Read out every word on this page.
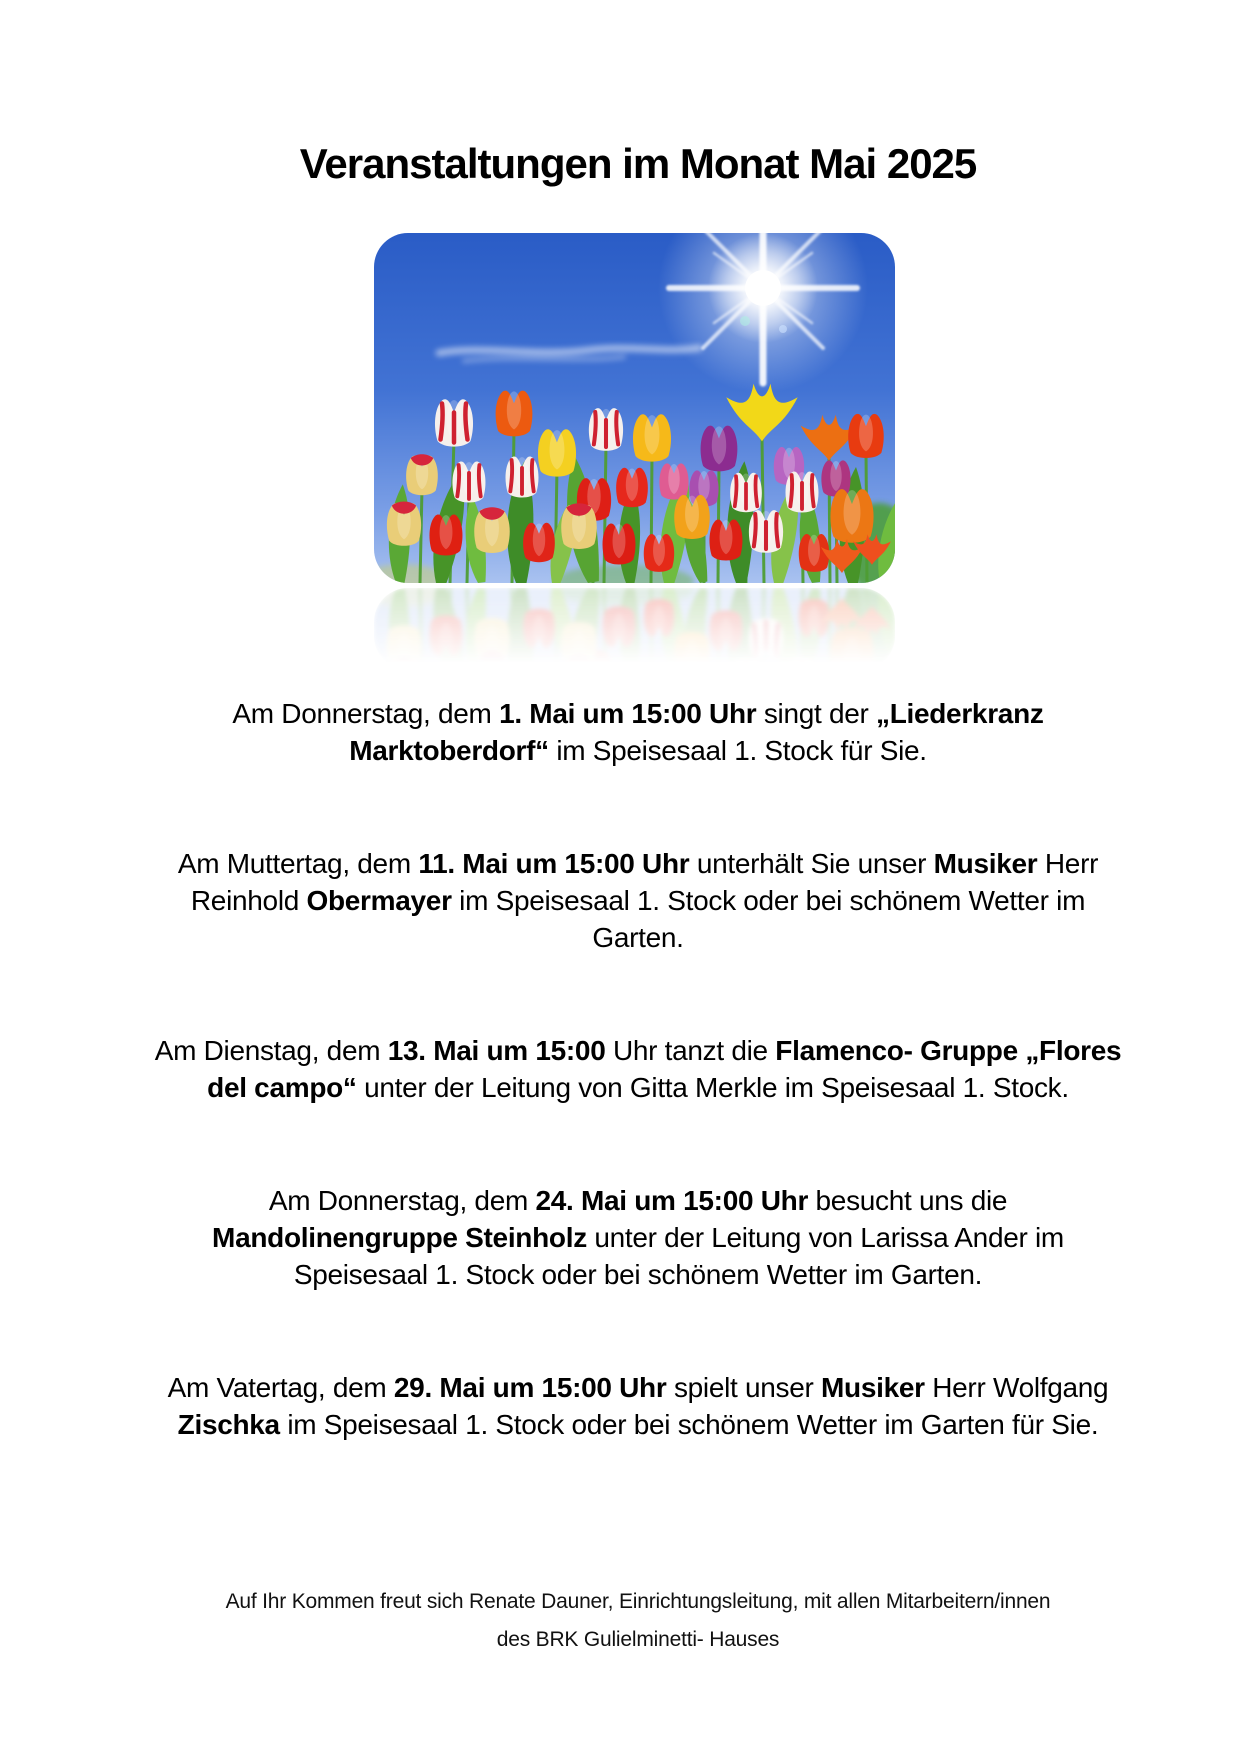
Veranstaltungen im Monat Mai 2025

Am Donnerstag, dem 1. Mai um 15:00 Uhr singt der „Liederkranz Marktoberdorf“ im Speisesaal 1. Stock für Sie.

Am Muttertag, dem 11. Mai um 15:00 Uhr unterhält Sie unser Musiker Herr Reinhold Obermayer im Speisesaal 1. Stock oder bei schönem Wetter im Garten.

Am Dienstag, dem 13. Mai um 15:00 Uhr tanzt die Flamenco- Gruppe „Flores del campo“ unter der Leitung von Gitta Merkle im Speisesaal 1. Stock.

Am Donnerstag, dem 24. Mai um 15:00 Uhr besucht uns die Mandolinengruppe Steinholz unter der Leitung von Larissa Ander im Speisesaal 1. Stock oder bei schönem Wetter im Garten.

Am Vatertag, dem 29. Mai um 15:00 Uhr spielt unser Musiker Herr Wolfgang Zischka im Speisesaal 1. Stock oder bei schönem Wetter im Garten für Sie.

Auf Ihr Kommen freut sich Renate Dauner, Einrichtungsleitung, mit allen Mitarbeitern/innen
des BRK Gulielminetti- Hauses
